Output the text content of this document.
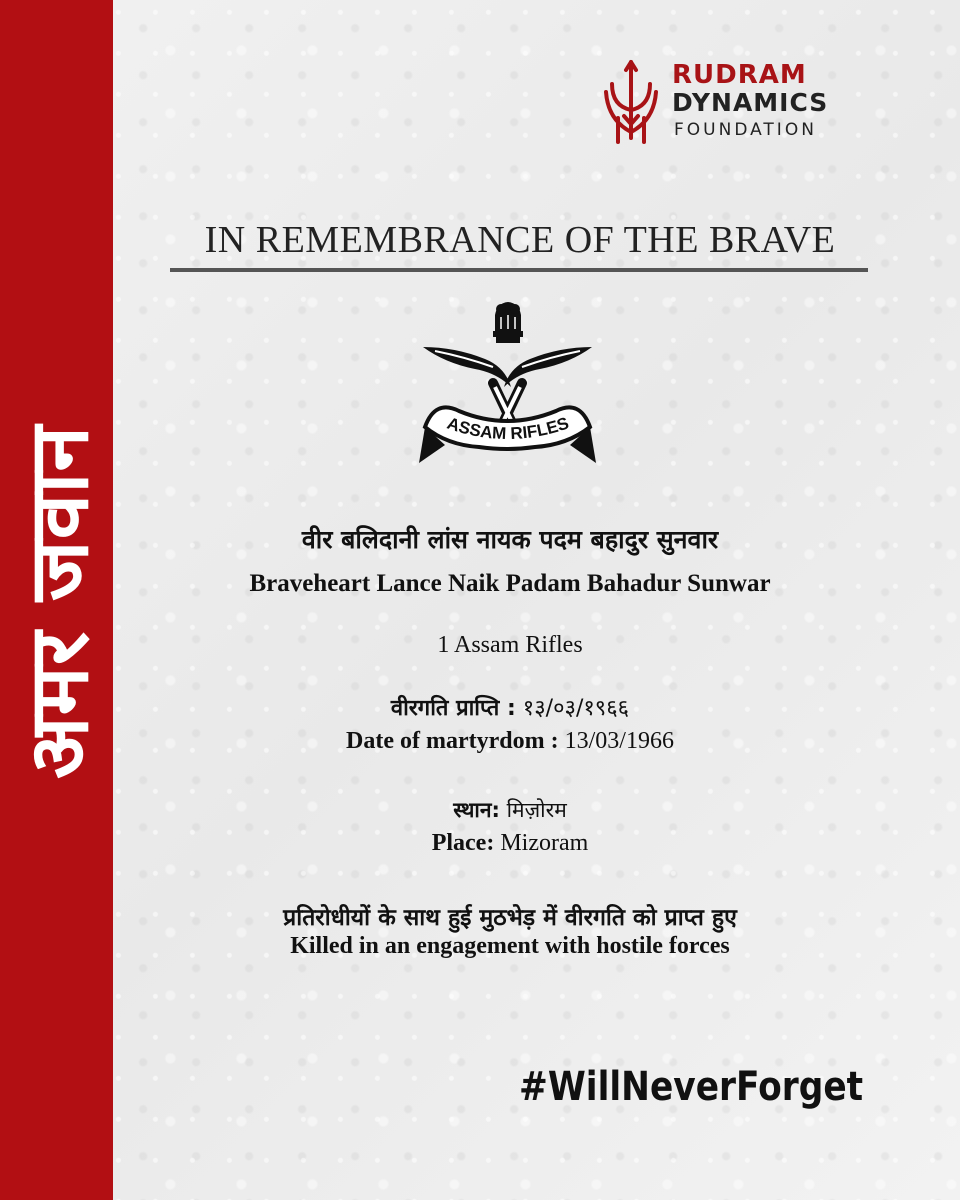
अमर जवान
RUDRAM
DYNAMICS
FOUNDATION
IN REMEMBRANCE OF THE BRAVE
ASSAM RIFLES
वीर बलिदानी लांस नायक पदम बहादुर सुनवार
Braveheart Lance Naik Padam Bahadur Sunwar
1 Assam Rifles
वीरगति प्राप्ति : १३/०३/१९६६
Date of martyrdom : 13/03/1966
स्थान: मिज़ोरम
Place: Mizoram
प्रतिरोधीयों के साथ हुई मुठभेड़ में वीरगति को प्राप्त हुए
Killed in an engagement with hostile forces
#WillNeverForget
